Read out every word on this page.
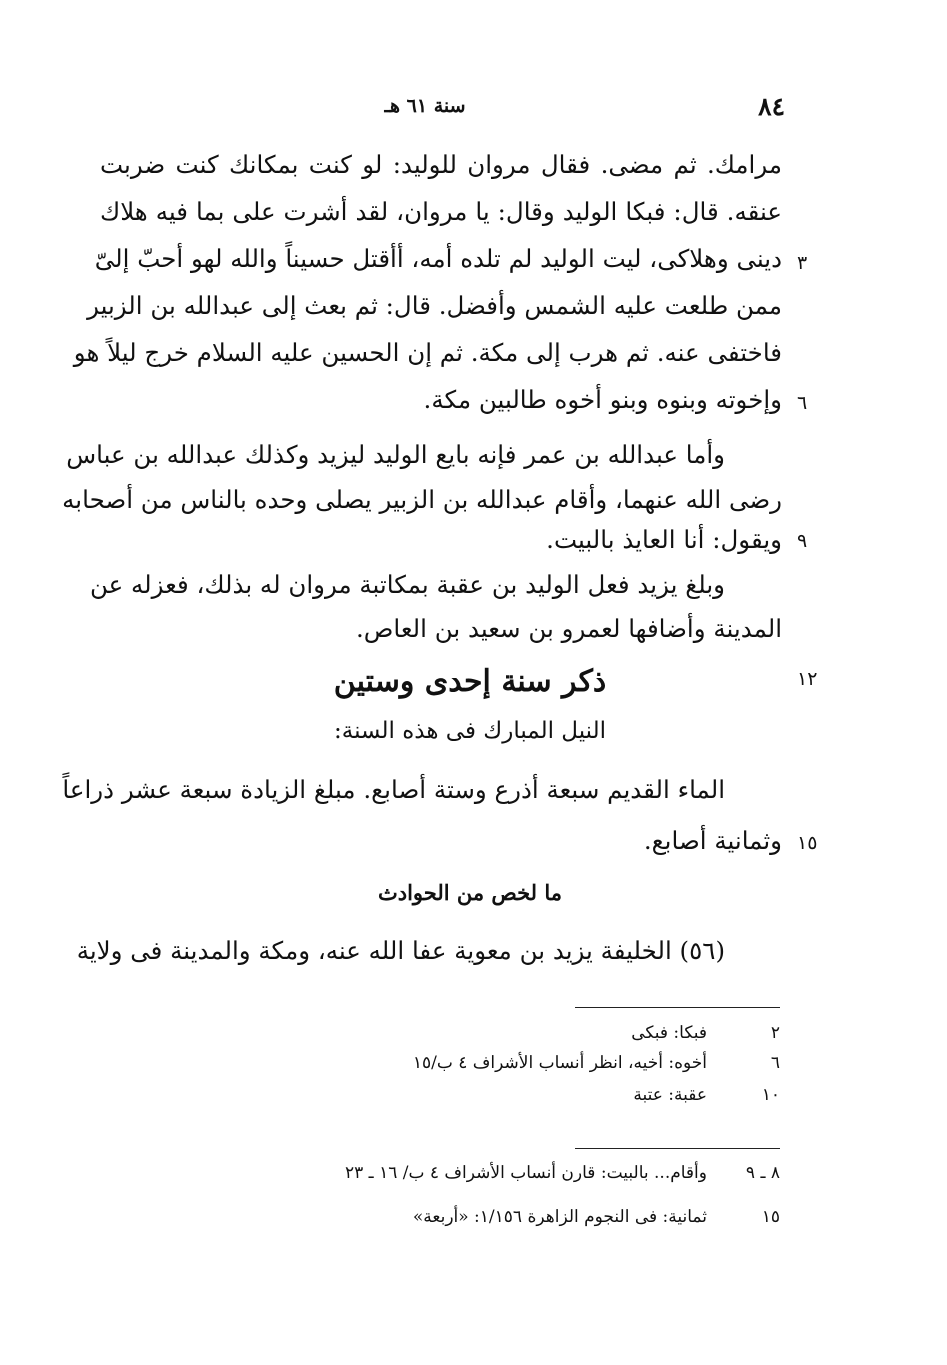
٨٤
سنة ٦١ هـ
مرامك. ثم مضى. فقال مروان للوليد: لو كنت بمكانك كنت ضربت
عنقه. قال: فبكا الوليد وقال: يا مروان، لقد أشرت على بما فيه هلاك
دينى وهلاكى، ليت الوليد لم تلده أمه، أأقتل حسيناً والله لهو أحبّ إلىّ
ممن طلعت عليه الشمس وأفضل. قال: ثم بعث إلى عبدالله بن الزبير
فاختفى عنه. ثم هرب إلى مكة. ثم إن الحسين عليه السلام خرج ليلاً هو
وإخوته وبنوه وبنو أخوه طالبين مكة.
وأما عبدالله بن عمر فإنه بايع الوليد ليزيد وكذلك عبدالله بن عباس
رضى الله عنهما، وأقام عبدالله بن الزبير يصلى وحده بالناس من أصحابه
ويقول: أنا العايذ بالبيت.
وبلغ يزيد فعل الوليد بن عقبة بمكاتبة مروان له بذلك، فعزله عن
المدينة وأضافها لعمرو بن سعيد بن العاص.
ذكر سنة إحدى وستين
النيل المبارك فى هذه السنة:
الماء القديم سبعة أذرع وستة أصابع. مبلغ الزيادة سبعة عشر ذراعاً
وثمانية أصابع.
ما لخص من الحوادث
(٥٦) الخليفة يزيد بن معوية عفا الله عنه، ومكة والمدينة فى ولاية
٣
٦
٩
١٢
١٥
٢
فبكا: فبكى
٦
أخوه: أخيه، انظر أنساب الأشراف ٤ ب/١٥
١٠
عقبة: عتبة
٨ ـ ٩
وأقام... بالبيت: قارن أنساب الأشراف ٤ ب/ ١٦ ـ ٢٣
١٥
ثمانية: فى النجوم الزاهرة ١/١٥٦: «أربعة»
